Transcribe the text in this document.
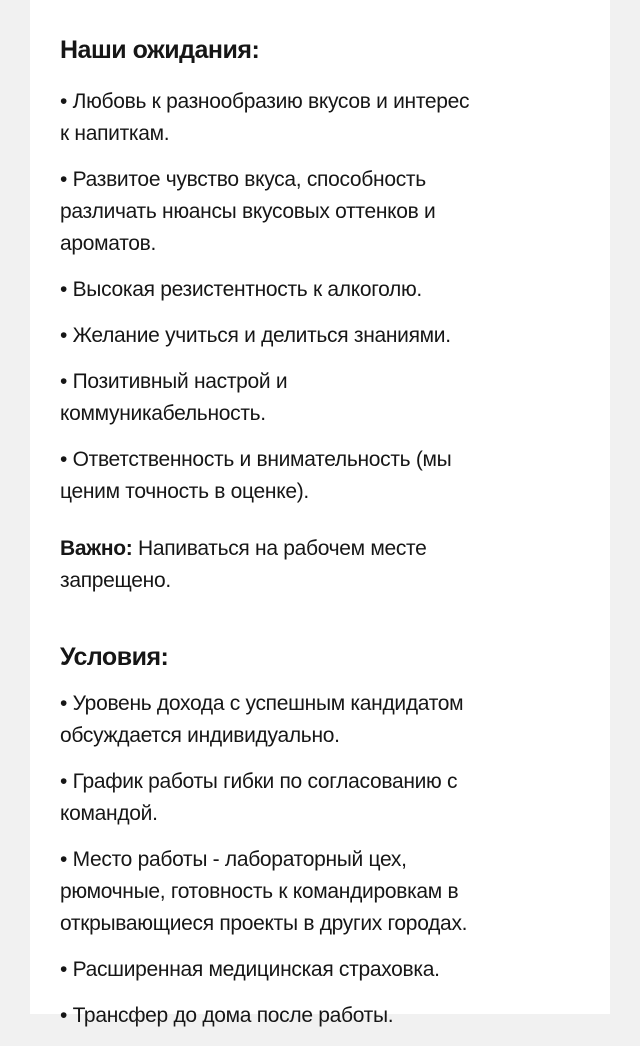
Наши ожидания:
• Любовь к разнообразию вкусов и интерес
к напиткам.
• Развитое чувство вкуса, способность
различать нюансы вкусовых оттенков и
ароматов.
• Высокая резистентность к алкоголю.
• Желание учиться и делиться знаниями.
• Позитивный настрой и
коммуникабельность.
• Ответственность и внимательность (мы
ценим точность в оценке).
Важно: Напиваться на рабочем месте
запрещено.
Условия:
• Уровень дохода с успешным кандидатом
обсуждается индивидуально.
• График работы гибки по согласованию с
командой.
• Место работы - лабораторный цех,
рюмочные, готовность к командировкам в
открывающиеся проекты в других городах.
• Расширенная медицинская страховка.
• Трансфер до дома после работы.
